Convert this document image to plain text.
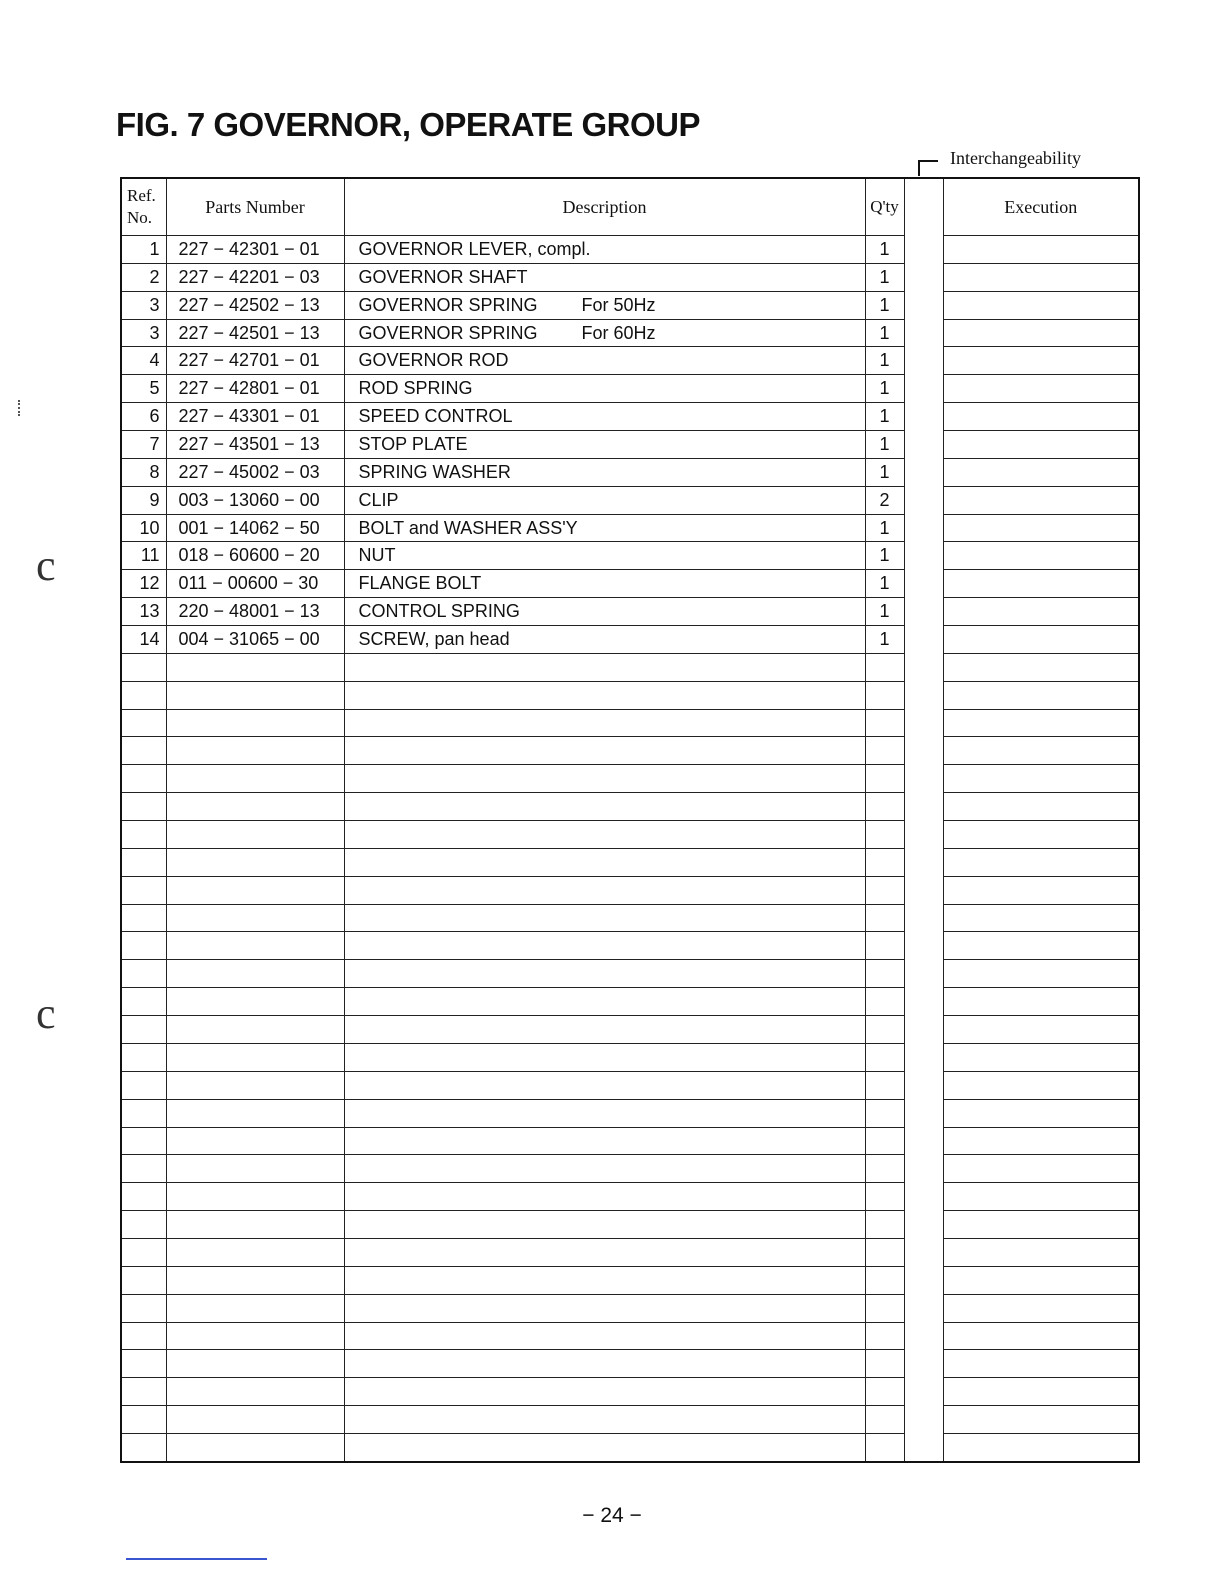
FIG. 7 GOVERNOR, OPERATE GROUP
Interchangeability
Ref.
No.	Parts Number	Description	Q'ty		Execution
1	227 − 42301 − 01	GOVERNOR LEVER, compl.	1		
2	227 − 42201 − 03	GOVERNOR SHAFT	1		
3	227 − 42502 − 13	GOVERNOR SPRING For 50Hz	1		
3	227 − 42501 − 13	GOVERNOR SPRING For 60Hz	1		
4	227 − 42701 − 01	GOVERNOR ROD	1		
5	227 − 42801 − 01	ROD SPRING	1		
6	227 − 43301 − 01	SPEED CONTROL	1		
7	227 − 43501 − 13	STOP PLATE	1		
8	227 − 45002 − 03	SPRING WASHER	1		
9	003 − 13060 − 00	CLIP	2		
10	001 − 14062 − 50	BOLT and WASHER ASS'Y	1		
11	018 − 60600 − 20	NUT	1		
12	011 − 00600 − 30	FLANGE BOLT	1		
13	220 − 48001 − 13	CONTROL SPRING	1		
14	004 − 31065 − 00	SCREW, pan head	1		

c
c
− 24 −
